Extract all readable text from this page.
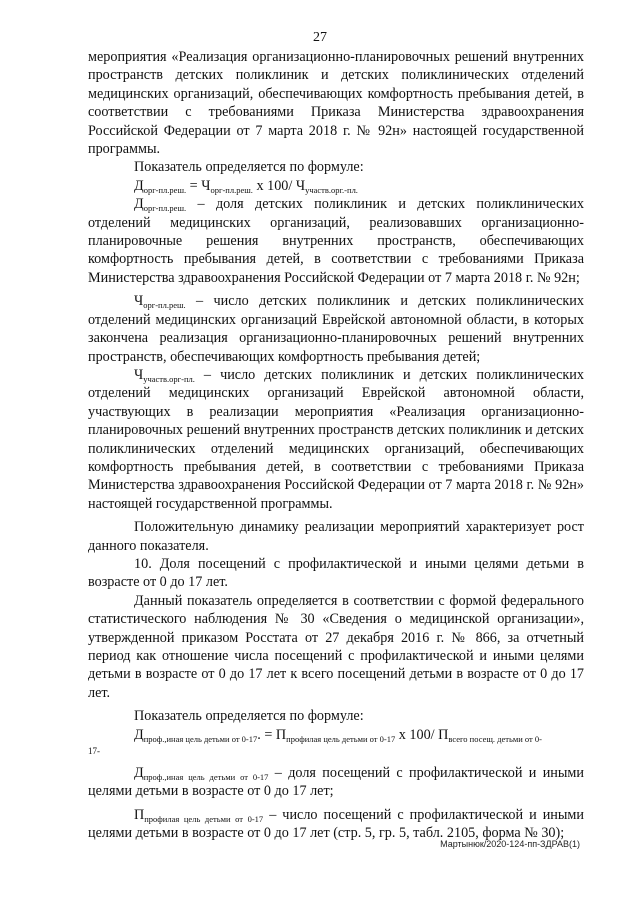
27

мероприятия «Реализация организационно-планировочных решений внутренних пространств детских поликлиник и детских поликлинических отделений медицинских организаций, обеспечивающих комфортность пребывания детей, в соответствии с требованиями Приказа Министерства здравоохранения Российской Федерации от 7 марта 2018 г. № 92н» настоящей государственной программы.

Показатель определяется по формуле:

$Д_{орг-пл.реш.} = Ч_{орг-пл.реш.}$ х 100/ $Ч_{участв.орг.-пл.}$

$Д_{орг-пл.реш.}$ – доля детских поликлиник и детских поликлинических отделений медицинских организаций, реализовавших организационно-планировочные решения внутренних пространств, обеспечивающих комфортность пребывания детей, в соответствии с требованиями Приказа Министерства здравоохранения Российской Федерации от 7 марта 2018 г. № 92н;

$Ч_{орг-пл.реш.}$ – число детских поликлиник и детских поликлинических отделений медицинских организаций Еврейской автономной области, в которых закончена реализация организационно-планировочных решений внутренних пространств, обеспечивающих комфортность пребывания детей;

$Ч_{участв.орг-пл.}$ – число детских поликлиник и детских поликлинических отделений медицинских организаций Еврейской автономной области, участвующих в реализации мероприятия «Реализация организационно-планировочных решений внутренних пространств детских поликлиник и детских поликлинических отделений медицинских организаций, обеспечивающих комфортность пребывания детей, в соответствии с требованиями Приказа Министерства здравоохранения Российской Федерации от 7 марта 2018 г. № 92н» настоящей государственной программы.

Положительную динамику реализации мероприятий характеризует рост данного показателя.

10. Доля посещений с профилактической и иными целями детьми в возрасте от 0 до 17 лет.

Данный показатель определяется в соответствии с формой федерального статистического наблюдения № 30 «Сведения о медицинской организации», утвержденной приказом Росстата от 27 декабря 2016 г. № 866, за отчетный период как отношение числа посещений с профилактической и иными целями детьми в возрасте от 0 до 17 лет к всего посещений детьми в возрасте от 0 до 17 лет.

Показатель определяется по формуле:

$Д_{проф.,иная цель детьми от 0-17}$. = $П_{профилая цель детьми от 0-17}$ х 100/ $П_{всего посещ. детьми от 0-}$

17-

$Д_{проф.,иная цель детьми от 0-17}$ – доля посещений с профилактической и иными целями детьми в возрасте от 0 до 17 лет;

$П_{профилая цель детьми от 0-17}$ – число посещений с профилактической и иными целями детьми в возрасте от 0 до 17 лет (стр. 5, гр. 5, табл. 2105, форма № 30);

Мартынюк/2020-124-пп-ЗДРАВ(1)
